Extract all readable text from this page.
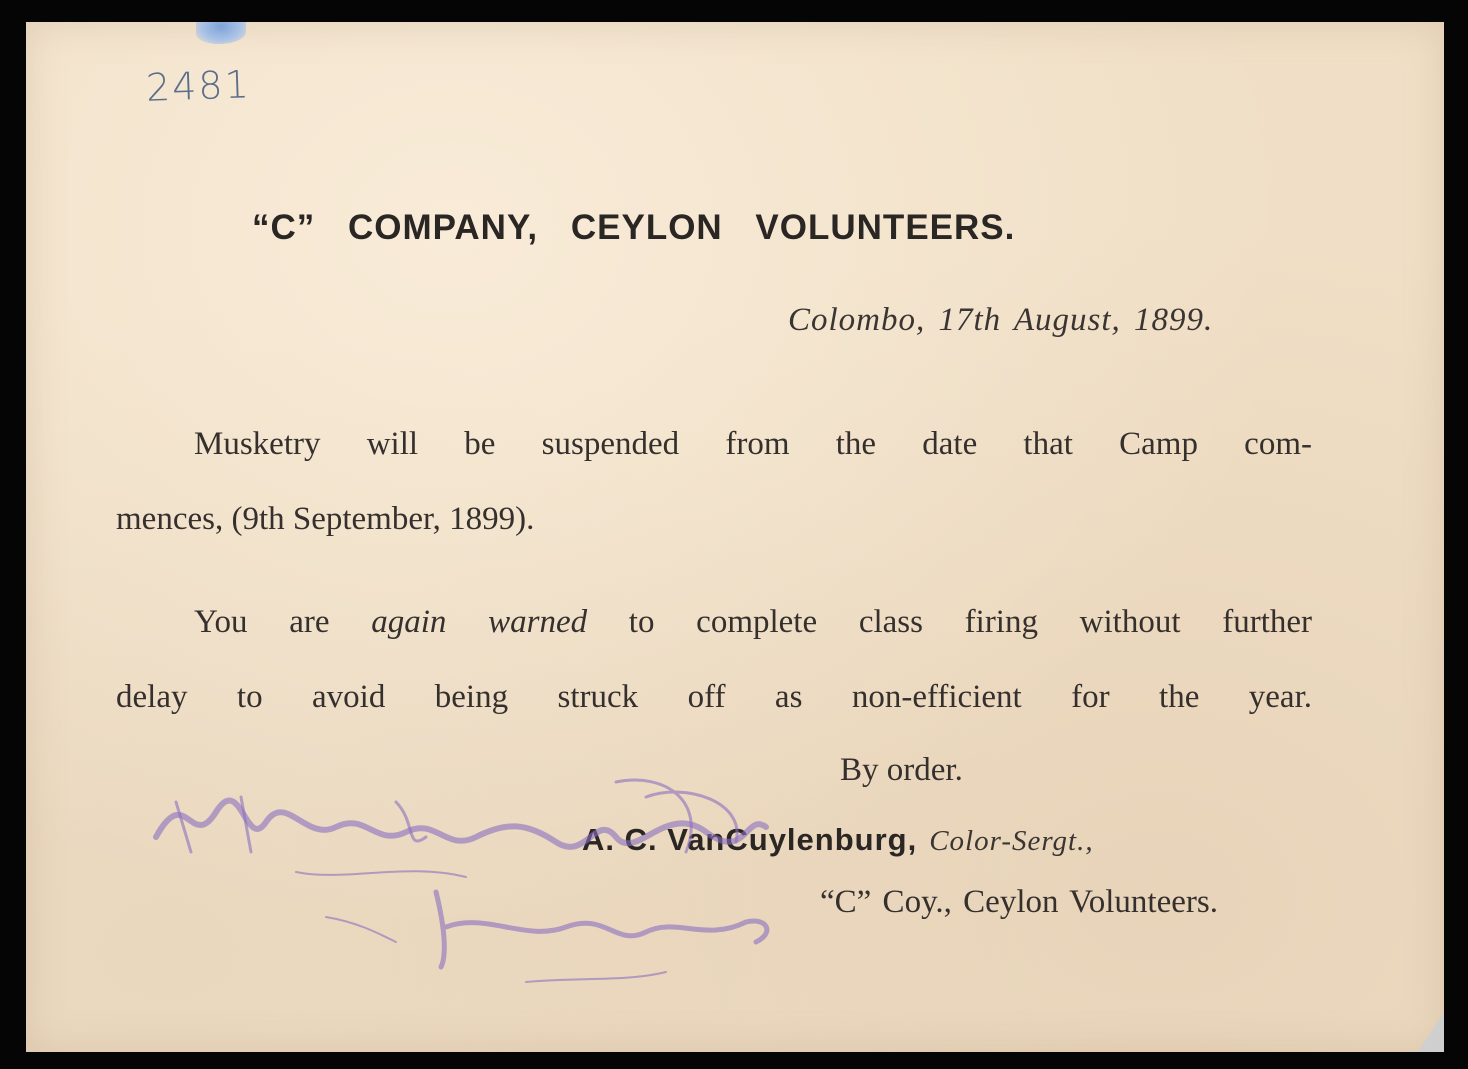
2481
“C” COMPANY, CEYLON VOLUNTEERS.
Colombo, 17th August, 1899.
Musketry will be suspended from the date that Camp com-
mences, (9th September, 1899).
You are again warned to complete class firing without further
delay to avoid being struck off as non-efficient for the year.
By order.
A. C. VanCuylenburg, Color-Sergt.,
“C” Coy., Ceylon Volunteers.
